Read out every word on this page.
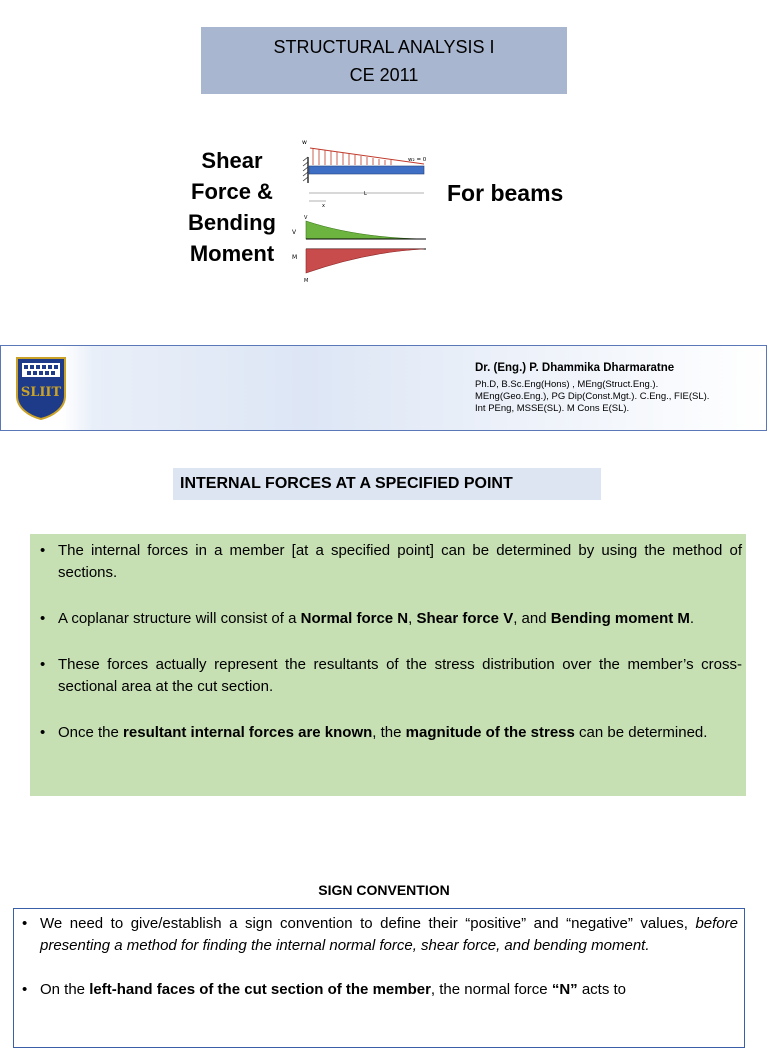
STRUCTURAL ANALYSIS I
CE 2011
Shear
Force &
Bending
Moment
w
w₂ = 0
L
x
V
V
M
M
For beams
SLIIT
Dr. (Eng.) P. Dhammika Dharmaratne
Ph.D, B.Sc.Eng(Hons) , MEng(Struct.Eng.).
MEng(Geo.Eng.), PG Dip(Const.Mgt.). C.Eng., FIE(SL).
Int PEng, MSSE(SL). M Cons E(SL).
INTERNAL FORCES AT A SPECIFIED POINT
• The internal forces in a member [at a specified point] can be determined by using the method of sections.
• A coplanar structure will consist of a Normal force N, Shear force V, and Bending moment M.
• These forces actually represent the resultants of the stress distribution over the member’s cross-sectional area at the cut section.
• Once the resultant internal forces are known, the magnitude of the stress can be determined.
SIGN CONVENTION
• We need to give/establish a sign convention to define their “positive” and “negative” values, before presenting a method for finding the internal normal force, shear force, and bending moment.
• On the left-hand faces of the cut section of the member, the normal force “N” acts to
